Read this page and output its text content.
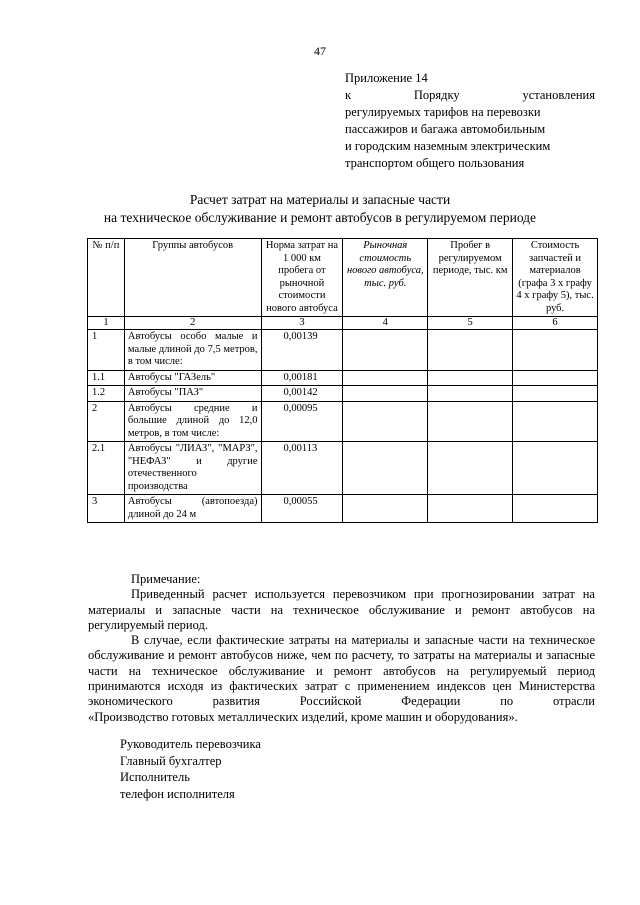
47
Приложение 14
к	Порядку	установления
регулируемых тарифов на перевозки
пассажиров и багажа автомобильным
и городским наземным электрическим
транспортом общего пользования
Расчет затрат на материалы и запасные части
на техническое обслуживание и ремонт автобусов в регулируемом периоде
№ п/п	Группы автобусов	Норма затрат на 1 000 км пробега от рыночной стоимости нового автобуса	Рыночная стоимость нового автобуса, тыс. руб.	Пробег в регулируемом периоде, тыс. км	Стоимость запчастей и материалов (графа 3 х графу 4 х графу 5), тыс. руб.
1	2	3	4	5	6
1	Автобусы особо малые и малые длиной до 7,5 метров, в том числе:	0,00139			
1.1	Автобусы "ГАЗель"	0,00181			
1.2	Автобусы "ПАЗ"	0,00142			
2	Автобусы средние и большие длиной до 12,0 метров, в том числе:	0,00095			
2.1	Автобусы "ЛИАЗ", "МАРЗ", "НЕФАЗ" и другие отечественного производства	0,00113			
3	Автобусы (автопоезда) длиной до 24 м	0,00055			
Примечание:

Приведенный расчет используется перевозчиком при прогнозировании затрат на материалы и запасные части на техническое обслуживание и ремонт автобусов на регулируемый период.

В случае, если фактические затраты на материалы и запасные части на техническое обслуживание и ремонт автобусов ниже, чем по расчету, то затраты на материалы и запасные части на техническое обслуживание и ремонт автобусов на регулируемый период принимаются исходя из фактических затрат с применением индексов цен Министерства экономического развития Российской Федерации по отрасли

«Производство готовых металлических изделий, кроме машин и оборудования».
Руководитель перевозчика
Главный бухгалтер
Исполнитель
телефон исполнителя
